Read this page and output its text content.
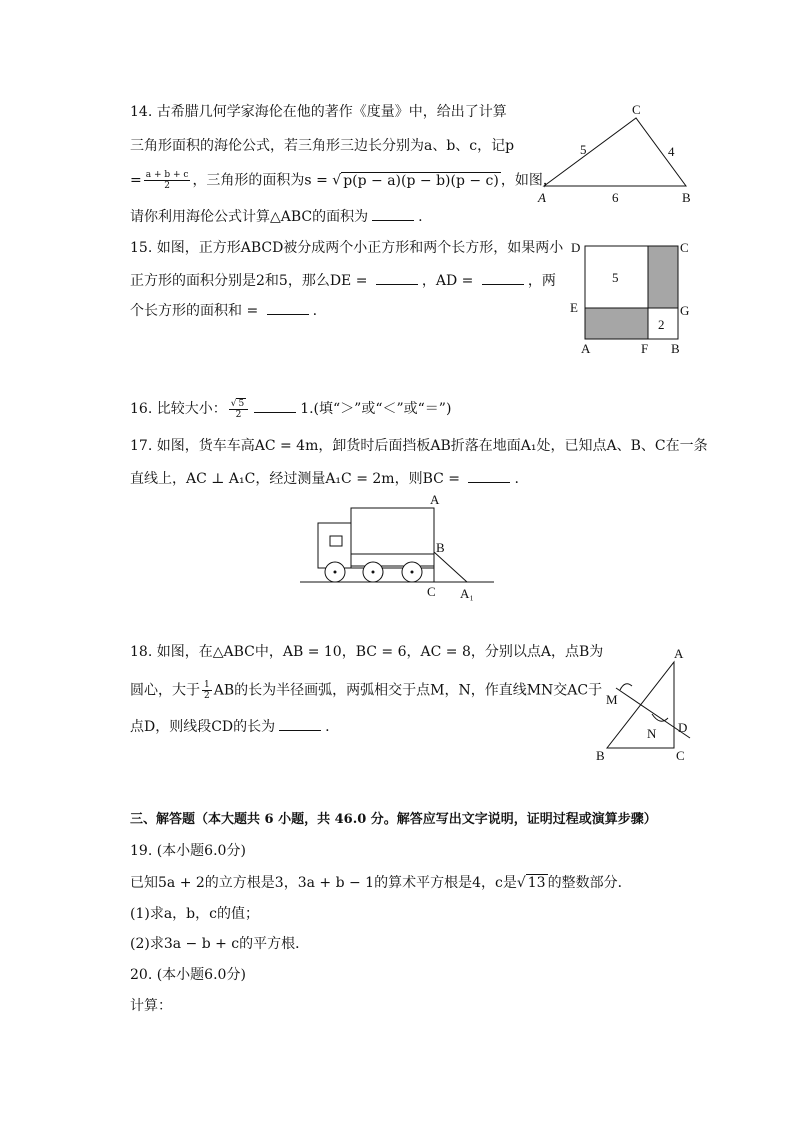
14. 古希腊几何学家海伦在他的著作《度量》中，给出了计算
三角形面积的海伦公式，若三角形三边长分别为a、b、c，记p
= $\frac{a + b + c}{2}$ ，三角形的面积为s = √ p(p − a)(p − b)(p − c) ，如图，
请你利用海伦公式计算△ABC的面积为	.
A	B
C
5	4
6
15. 如图，正方形ABCD被分成两个小正方形和两个长方形，如果两小
正方形的面积分别是2和5，那么DE =	，AD =	，两
个长方形的面积和 =	.
D	C
E	G
A	F B
5
2
16. 比较大小： $\frac{√ 5}{2}$	1.(填“＞”或“＜”或“＝”)
17. 如图，货车车高AC = 4m，卸货时后面挡板AB折落在地面A₁处，已知点A、B、C在一条
直线上，AC ⊥ A₁C，经过测量A₁C = 2m，则BC =	.
A
B
C A₁
18. 如图，在△ABC中，AB = 10，BC = 6，AC = 8，分别以点A，点B为
圆心，大于 $\frac{1}{2}$ AB的长为半径画弧，两弧相交于点M，N，作直线MN交AC于
点D，则线段CD的长为	.
A
B	C
D
M
N
三、解答题（本大题共 6 小题，共 46.0 分。解答应写出文字说明，证明过程或演算步骤）
19. (本小题6.0分)
已知5a + 2的立方根是3，3a + b − 1的算术平方根是4，c是√ 13 的整数部分．
(1)求a，b，c的值；
(2)求3a − b + c的平方根．
20. (本小题6.0分)
计算：
